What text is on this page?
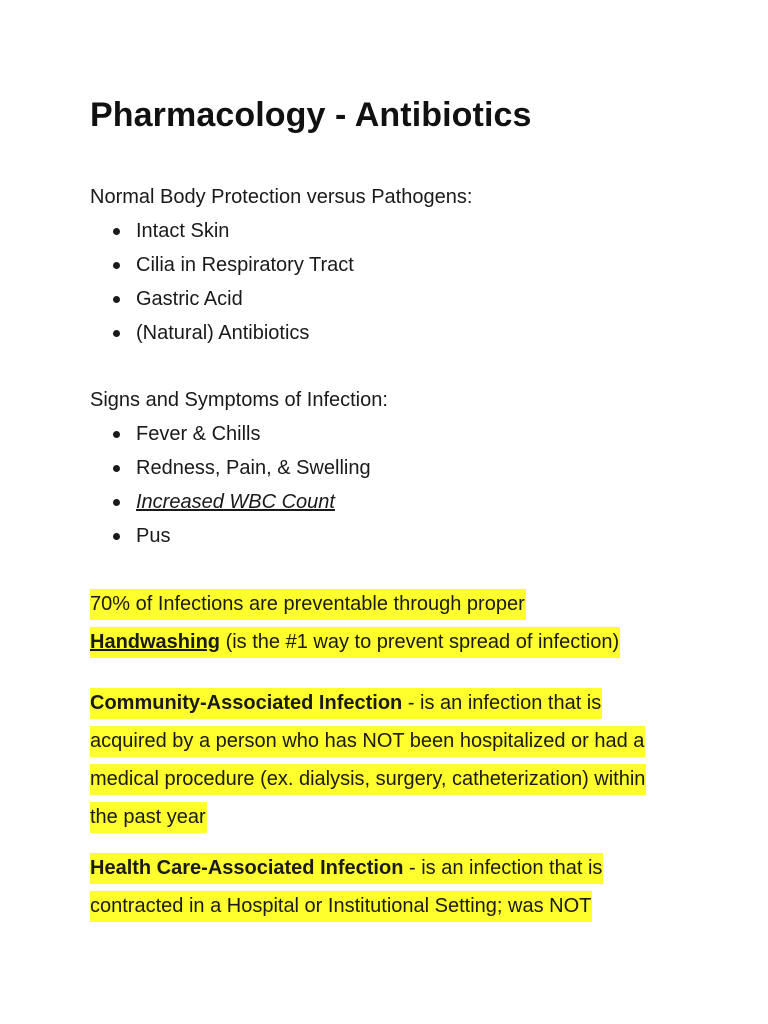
Pharmacology - Antibiotics

Normal Body Protection versus Pathogens:

Intact Skin
Cilia in Respiratory Tract
Gastric Acid
(Natural) Antibiotics

Signs and Symptoms of Infection:

Fever & Chills
Redness, Pain, & Swelling
Increased WBC Count
Pus
70% of Infections are preventable through proper
Handwashing (is the #1 way to prevent spread of infection)
Community-Associated Infection - is an infection that is
acquired by a person who has NOT been hospitalized or had a
medical procedure (ex. dialysis, surgery, catheterization) within
the past year
Health Care-Associated Infection - is an infection that is
contracted in a Hospital or Institutional Setting; was NOT
